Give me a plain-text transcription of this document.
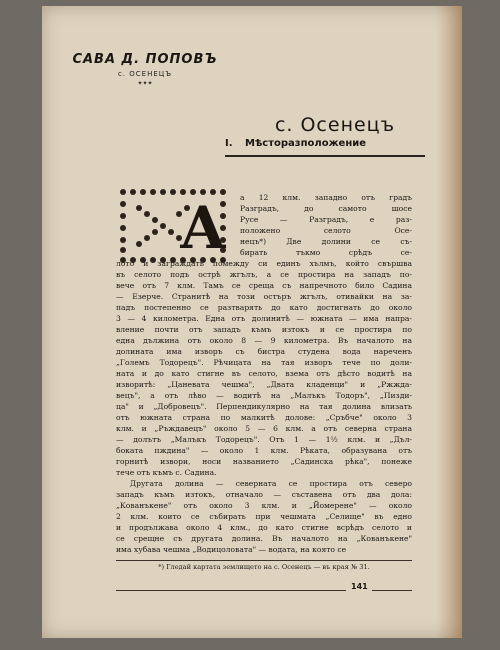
САВА Д. ПОПОВЪ
с. ОСЕНЕЦЪ
✦✦✦
с. Осенецъ
I. Мѣсторазположение
А а 12 клм. западно отъ градъ
Разградъ, до самото шосе
Русе — Разградъ, е раз-
положено селото Осе-
нецъ*) Две долини се съ-
бирать тъкмо срѣдъ се-
лото и заграждать помежду си единъ хълмъ, който свършва
въ селото подъ острѣ жгълъ, а се простира на западъ по-
вече отъ 7 клм. Тамъ се среща съ напречното било Садина
— Езерче. Странитѣ на този остъръ жгълъ, отивайки на за-
падъ постепенно се разтварять до като достигнать до около
3 — 4 километра. Една отъ долинитѣ — южната — има напра-
вление почти отъ западъ къмъ изтокъ и се простира по
една дължина отъ около 8 — 9 километра. Въ началото на
долината има изворъ съ бистра студена вода нареченъ
„Големъ Тодорецъ". Рѣчицата на тая изворъ тече по доли-
ната и до като стигне въ селото, взема отъ дѣсто водитѣ на
изворитѣ: „Цаневата чешма", „Двата кладенци" и „Ржжда-
вецъ", а отъ лѣво — водитѣ на „Малъкъ Тодоръ", „Пизди-
ца" и „Добровецъ". Перпендикулярно на тая долина влизать
отъ южната страна по малкитѣ долове: „Сръбче" около 3
клм. и „Ръждавецъ" около 5 — 6 клм. а отъ северна страна
— долътъ „Малъкъ Тодорецъ". Отъ 1 — 1½ клм. и „Дъл-
боката пждина" — около 1 клм. Рѣката, образувана отъ
горнитѣ извори, носи названието „Садинска рѣка", понеже
тече отъ къмъ с. Садина.
Другата долина — северната се простира отъ северо
западъ къмъ изтокъ, отначало — съставена отъ два дола:
„Кованъкене" отъ около 3 клм. и „Йомерене" — около
2 клм. които се събирать при чешмата „Селище" въ едно
и продължава около 4 клм., до като стигне всрѣдъ селото и
се срещне съ другата долина. Въ началото на „Кованъкене"
има хубава чешма „Водицоловата" — водата, на която се
*) Гледай картата землището на с. Осенецъ — въ края № 31.
141
